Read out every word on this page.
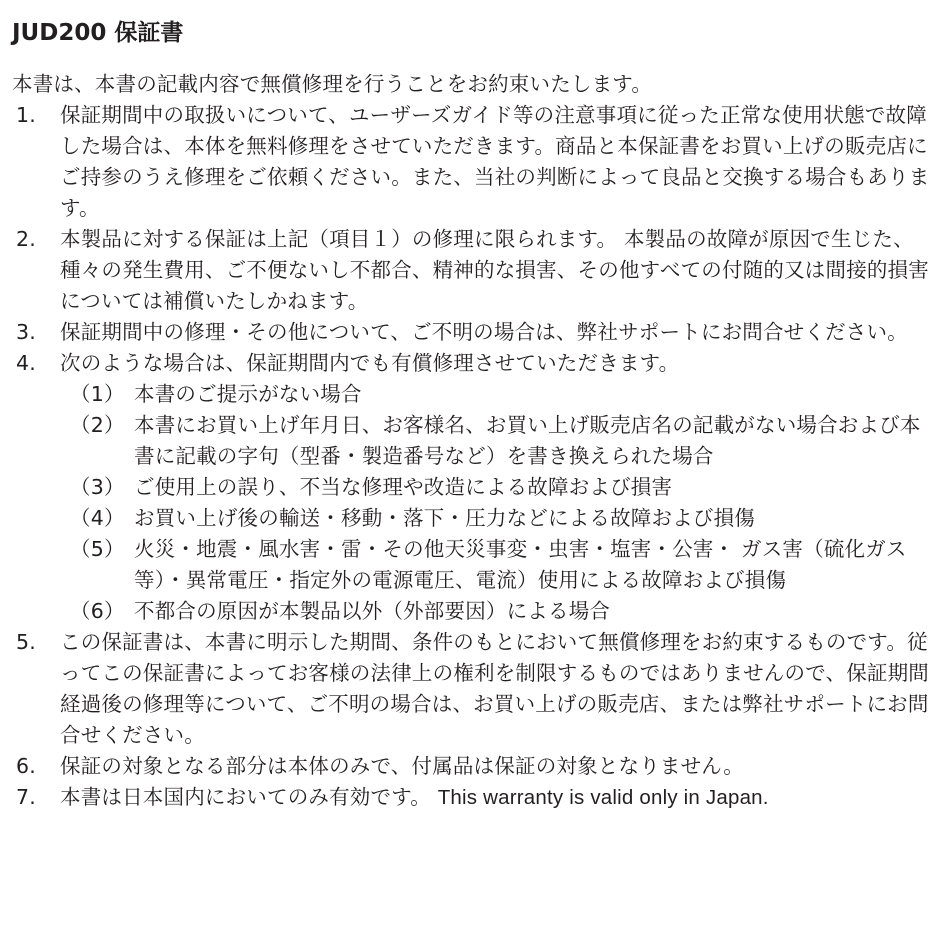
JUD200 保証書

本書は、本書の記載内容で無償修理を行うことをお約束いたします。

1. 保証期間中の取扱いについて、ユーザーズガイド等の注意事項に従った正常な使用状態で故障した場合は、本体を無料修理をさせていただきます。商品と本保証書をお買い上げの販売店にご持参のうえ修理をご依頼ください。また、当社の判断によって良品と交換する場合もあります。
2. 本製品に対する保証は上記（項目１）の修理に限られます。 本製品の故障が原因で生じた、種々の発生費用、ご不便ないし不都合、精神的な損害、その他すべての付随的又は間接的損害については補償いたしかねます。
3. 保証期間中の修理・その他について、ご不明の場合は、弊社サポートにお問合せください。
4. 次のような場合は、保証期間内でも有償修理させていただきます。
（1） 本書のご提示がない場合
（2） 本書にお買い上げ年月日、お客様名、お買い上げ販売店名の記載がない場合および本書に記載の字句（型番・製造番号など）を書き換えられた場合
（3） ご使用上の誤り、不当な修理や改造による故障および損害
（4） お買い上げ後の輸送・移動・落下・圧力などによる故障および損傷
（5） 火災・地震・風水害・雷・その他天災事変・虫害・塩害・公害・ ガス害（硫化ガス等）・異常電圧・指定外の電源電圧、電流）使用による故障および損傷
（6） 不都合の原因が本製品以外（外部要因）による場合
5. この保証書は、本書に明示した期間、条件のもとにおいて無償修理をお約束するものです。従ってこの保証書によってお客様の法律上の権利を制限するものではありませんので、保証期間経過後の修理等について、ご不明の場合は、お買い上げの販売店、または弊社サポートにお問合せください。
6. 保証の対象となる部分は本体のみで、付属品は保証の対象となりません。
7. 本書は日本国内においてのみ有効です。 This warranty is valid only in Japan.
